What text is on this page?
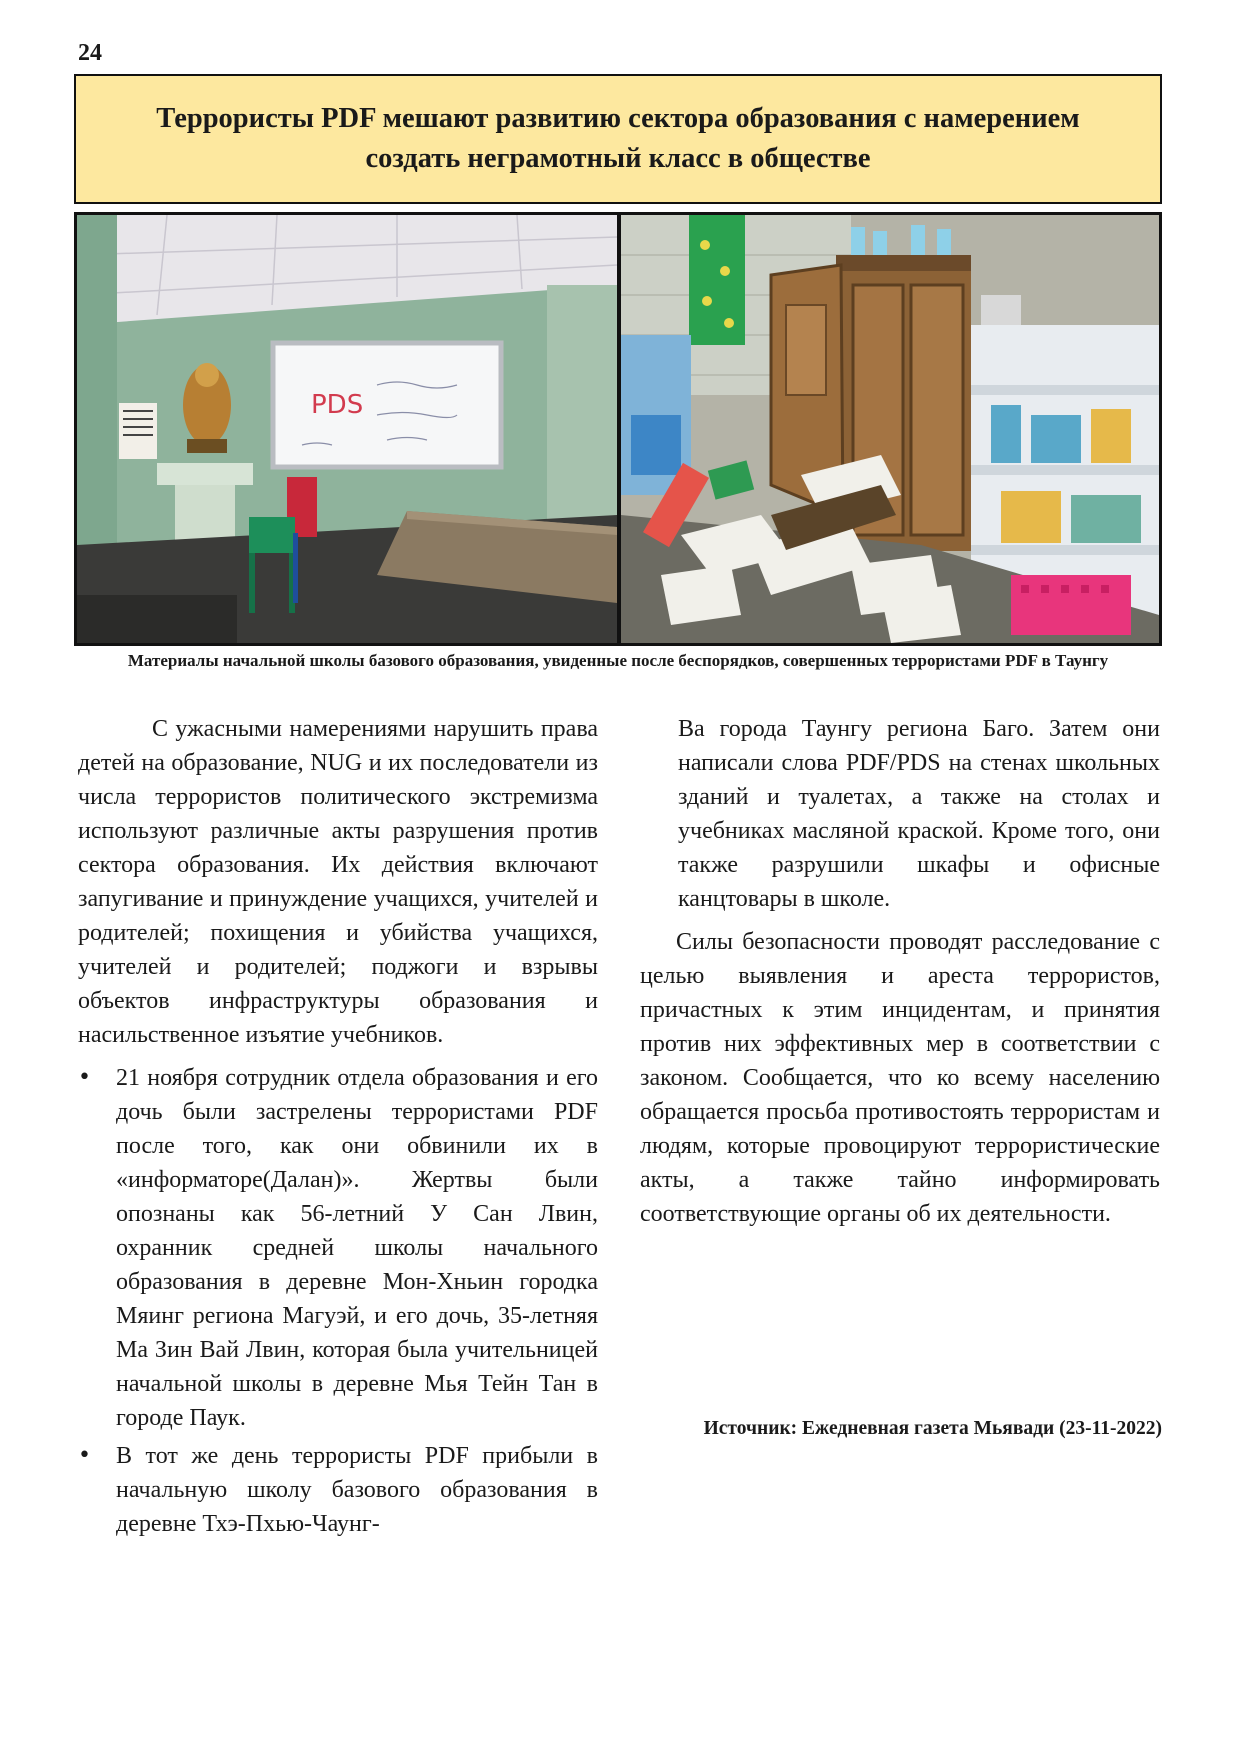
24
Террористы PDF мешают развитию сектора образования с намерением создать неграмотный класс в обществе
PDS
Материалы начальной школы базового образования, увиденные после беспорядков, совершенных террористами PDF в Таунгу

С ужасными намерениями нарушить права детей на образование, NUG и их последователи из числа террористов политического экстремизма используют различные акты разрушения против сектора образования. Их действия включают запугивание и принуждение учащихся, учителей и родителей; похищения и убийства учащихся, учителей и родителей; поджоги и взрывы объектов инфраструктуры образования и насильственное изъятие учебников.

• 21 ноября сотрудник отдела образования и его дочь были застрелены террористами PDF после того, как они обвинили их в «информаторе(Далан)». Жертвы были опознаны как 56-летний У Сан Лвин, охранник средней школы начального образования в деревне Мон-Хньин городка Мяинг региона Магуэй, и его дочь, 35-летняя Ма Зин Вай Лвин, которая была учительницей начальной школы в деревне Мья Тейн Тан в городе Паук.
• В тот же день террористы PDF прибыли в начальную школу базового образования в деревне Тхэ-Пхью-Чаунг-

Ва города Таунгу региона Баго. Затем они написали слова PDF/PDS на стенах школьных зданий и туалетах, а также на столах и учебниках масляной краской. Кроме того, они также разрушили шкафы и офисные канцтовары в школе.

Силы безопасности проводят расследование с целью выявления и ареста террористов, причастных к этим инцидентам, и принятия против них эффективных мер в соответствии с законом. Сообщается, что ко всему населению обращается просьба противостоять террористам и людям, которые провоцируют террористические акты, а также тайно информировать соответствующие органы об их деятельности.

Источник: Ежедневная газета Мьявади (23-11-2022)
